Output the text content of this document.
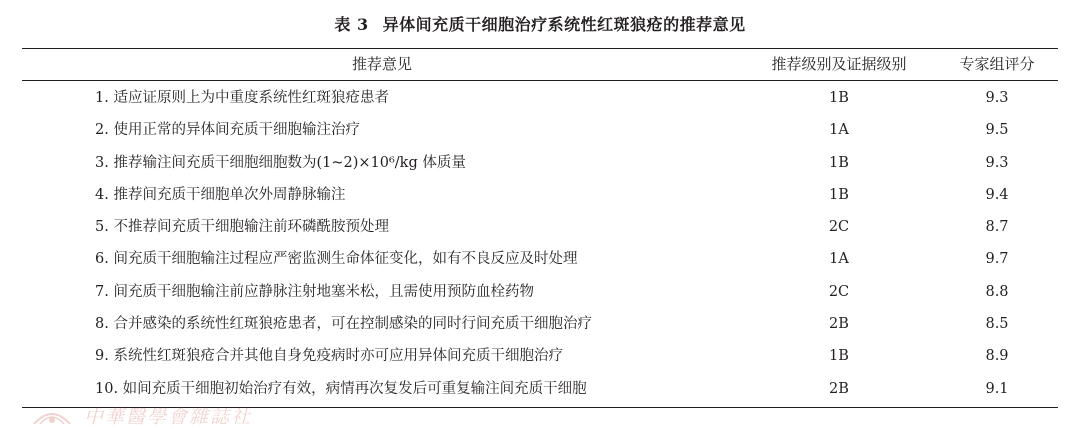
表 3 异体间充质干细胞治疗系统性红斑狼疮的推荐意见
推荐意见	推荐级别及证据级别	专家组评分
1. 适应证原则上为中重度系统性红斑狼疮患者	1B	9.3
2. 使用正常的异体间充质干细胞输注治疗	1A	9.5
3. 推荐输注间充质干细胞细胞数为(1~2)×10⁶/kg 体质量	1B	9.3
4. 推荐间充质干细胞单次外周静脉输注	1B	9.4
5. 不推荐间充质干细胞输注前环磷酰胺预处理	2C	8.7
6. 间充质干细胞输注过程应严密监测生命体征变化，如有不良反应及时处理	1A	9.7
7. 间充质干细胞输注前应静脉注射地塞米松，且需使用预防血栓药物	2C	8.8
8. 合并感染的系统性红斑狼疮患者，可在控制感染的同时行间充质干细胞治疗	2B	8.5
9. 系统性红斑狼疮合并其他自身免疫病时亦可应用异体间充质干细胞治疗	1B	8.9
10. 如间充质干细胞初始治疗有效，病情再次复发后可重复输注间充质干细胞	2B	9.1
中華醫學會雜誌社
